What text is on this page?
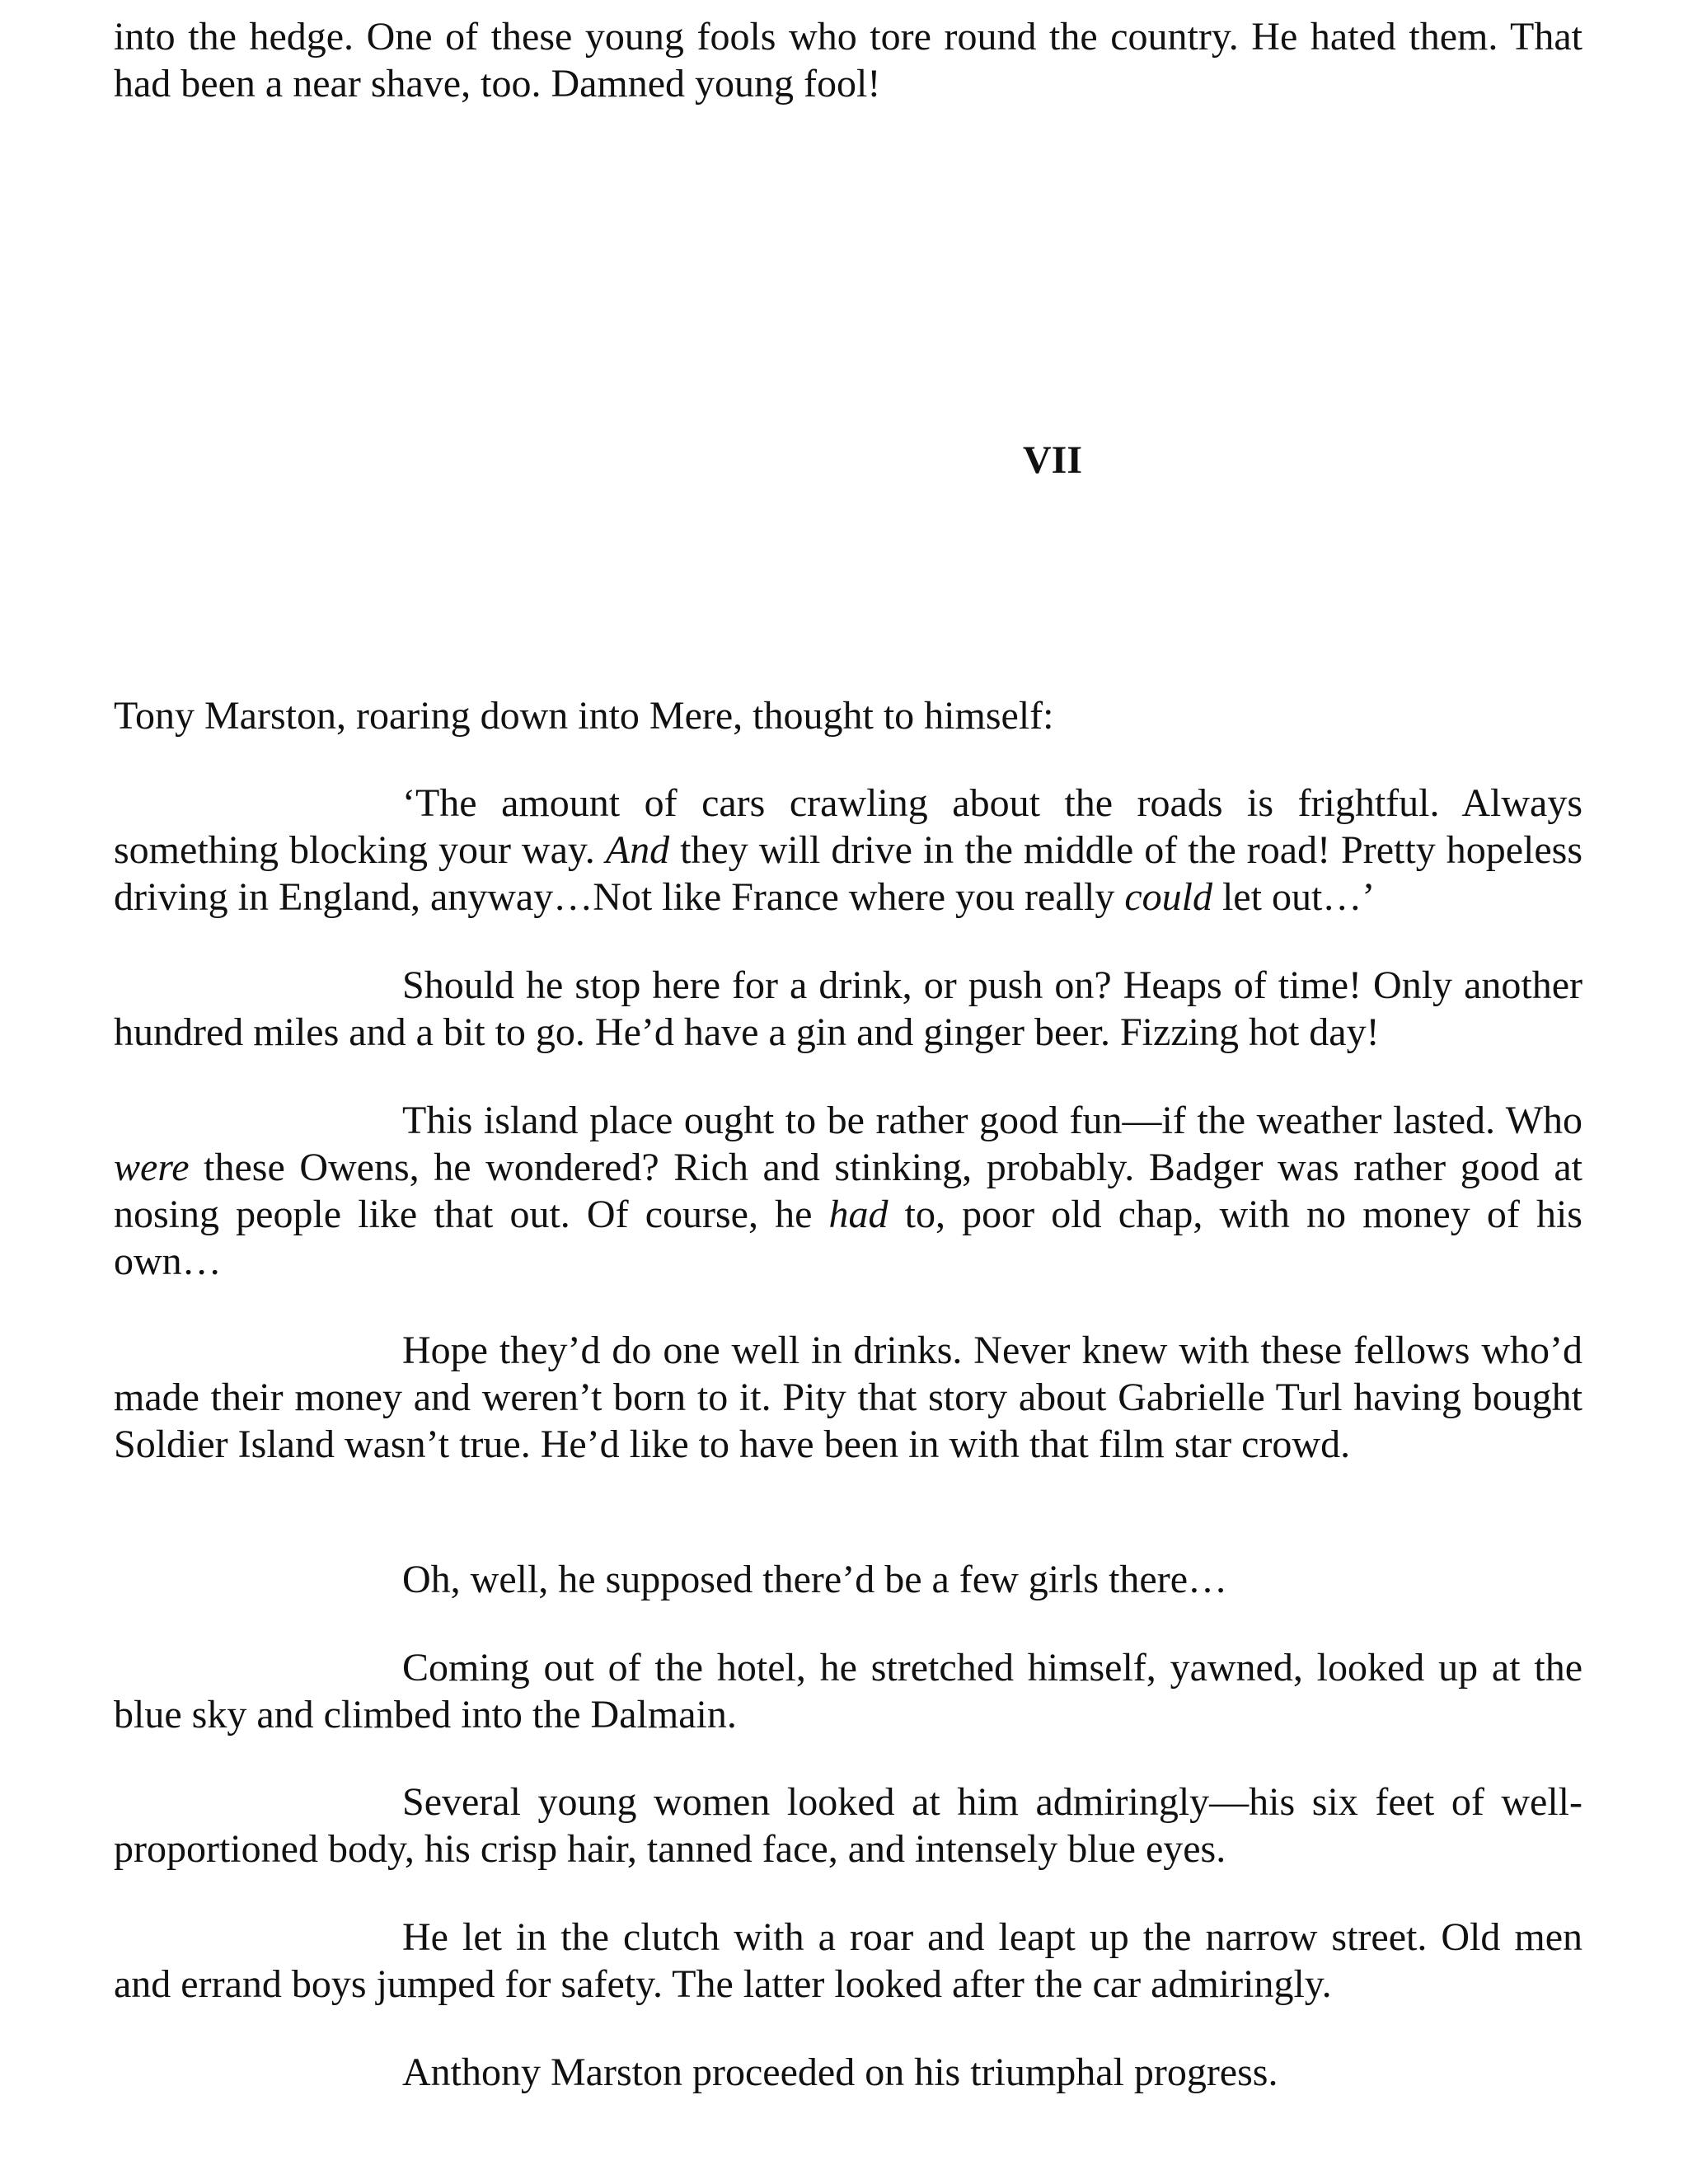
into the hedge. One of these young fools who tore round the country. He hated them. That had been a near shave, too. Damned young fool!

VII

Tony Marston, roaring down into Mere, thought to himself:

‘The amount of cars crawling about the roads is frightful. Always something blocking your way. And they will drive in the middle of the road! Pretty hopeless driving in England, anyway…Not like France where you really could let out…’

Should he stop here for a drink, or push on? Heaps of time! Only another hundred miles and a bit to go. He’d have a gin and ginger beer. Fizzing hot day!

This island place ought to be rather good fun—if the weather lasted. Who were these Owens, he wondered? Rich and stinking, probably. Badger was rather good at nosing people like that out. Of course, he had to, poor old chap, with no money of his own…

Hope they’d do one well in drinks. Never knew with these fellows who’d made their money and weren’t born to it. Pity that story about Gabrielle Turl having bought Soldier Island wasn’t true. He’d like to have been in with that film star crowd.

Oh, well, he supposed there’d be a few girls there…

Coming out of the hotel, he stretched himself, yawned, looked up at the blue sky and climbed into the Dalmain.

Several young women looked at him admiringly—his six feet of well-proportioned body, his crisp hair, tanned face, and intensely blue eyes.

He let in the clutch with a roar and leapt up the narrow street. Old men and errand boys jumped for safety. The latter looked after the car admiringly.

Anthony Marston proceeded on his triumphal progress.
